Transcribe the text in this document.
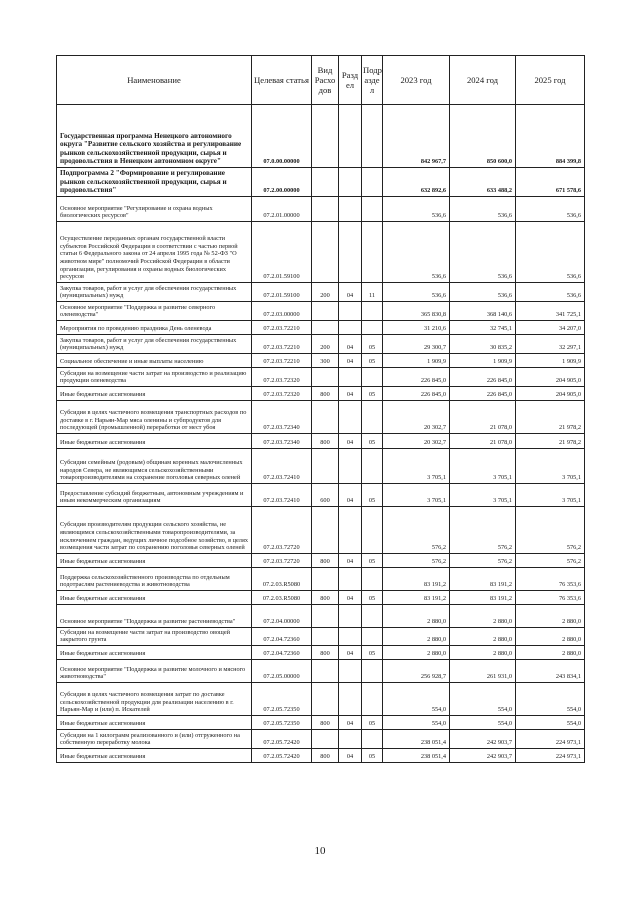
Наименование	Целевая статья	Вид Расхо дов	Разд ел	Подр азде л	2023 год	2024 год	2025 год
Государственная программа Ненецкого автономного округа "Развитие сельского хозяйства и регулирование рынков сельскохозяйственной продукции, сырья и продовольствия в Ненецком автономном округе"	07.0.00.00000				842 967,7	850 600,0	884 399,8
Подпрограмма 2 "Формирование и регулирование рынков сельскохозяйственной продукции, сырья и продовольствия"	07.2.00.00000				632 892,6	633 488,2	671 578,6
Основное мероприятие "Регулирование и охрана водных биологических ресурсов"	07.2.01.00000				536,6	536,6	536,6
Осуществление переданных органам государственной власти субъектов Российской Федерации в соответствии с частью первой статьи 6 Федерального закона от 24 апреля 1995 года № 52-ФЗ "О животном мире" полномочий Российской Федерации в области организации, регулирования и охраны водных биологических ресурсов	07.2.01.59100				536,6	536,6	536,6
Закупка товаров, работ и услуг для обеспечения государственных (муниципальных) нужд	07.2.01.59100	200	04	11	536,6	536,6	536,6
Основное мероприятие "Поддержка и развитие северного оленеводства"	07.2.03.00000				365 830,8	368 140,6	341 725,1
Мероприятия по проведению праздника День оленевода	07.2.03.72210				31 210,6	32 745,1	34 207,0
Закупка товаров, работ и услуг для обеспечения государственных (муниципальных) нужд	07.2.03.72210	200	04	05	29 300,7	30 835,2	32 297,1
Социальное обеспечение и иные выплаты населению	07.2.03.72210	300	04	05	1 909,9	1 909,9	1 909,9
Субсидия на возмещение части затрат на производство и реализацию продукции оленеводства	07.2.03.72320				226 845,0	226 845,0	204 905,0
Иные бюджетные ассигнования	07.2.03.72320	800	04	05	226 845,0	226 845,0	204 905,0
Субсидия в целях частичного возмещения транспортных расходов по доставке в г. Нарьян-Мар мяса оленины и субпродуктов для последующей (промышленной) переработки от мест убоя	07.2.03.72340				20 302,7	21 078,0	21 978,2
Иные бюджетные ассигнования	07.2.03.72340	800	04	05	20 302,7	21 078,0	21 978,2
Субсидии семейным (родовым) общинам коренных малочисленных народов Севера, не являющимся сельскохозяйственными товаропроизводителями на сохранение поголовья северных оленей	07.2.03.72410				3 705,1	3 705,1	3 705,1
Предоставление субсидий бюджетным, автономным учреждениям и иным некоммерческим организациям	07.2.03.72410	600	04	05	3 705,1	3 705,1	3 705,1
Субсидия производителям продукции сельского хозяйства, не являющимся сельскохозяйственными товаропроизводителями, за исключением граждан, ведущих личное подсобное хозяйство, в целях возмещения части затрат по сохранению поголовья северных оленей	07.2.03.72720				576,2	576,2	576,2
Иные бюджетные ассигнования	07.2.03.72720	800	04	05	576,2	576,2	576,2
Поддержка сельскохозяйственного производства по отдельным подотраслям растениеводства и животноводства	07.2.03.R5080				83 191,2	83 191,2	76 353,6
Иные бюджетные ассигнования	07.2.03.R5080	800	04	05	83 191,2	83 191,2	76 353,6
Основное мероприятие "Поддержка и развитие растениеводства"	07.2.04.00000				2 880,0	2 880,0	2 880,0
Субсидии на возмещение части затрат на производство овощей закрытого грунта	07.2.04.72360				2 880,0	2 880,0	2 880,0
Иные бюджетные ассигнования	07.2.04.72360	800	04	05	2 880,0	2 880,0	2 880,0
Основное мероприятие "Поддержка и развитие молочного и мясного животноводства"	07.2.05.00000				256 928,7	261 931,0	243 834,1
Субсидия в целях частичного возмещения затрат по доставке сельскохозяйственной продукции для реализации населению в г. Нарьян-Мар и (или) п. Искателей	07.2.05.72350				554,0	554,0	554,0
Иные бюджетные ассигнования	07.2.05.72350	800	04	05	554,0	554,0	554,0
Субсидия на 1 килограмм реализованного и (или) отгруженного на собственную переработку молока	07.2.05.72420				238 051,4	242 903,7	224 973,1
Иные бюджетные ассигнования	07.2.05.72420	800	04	05	238 051,4	242 903,7	224 973,1
10
